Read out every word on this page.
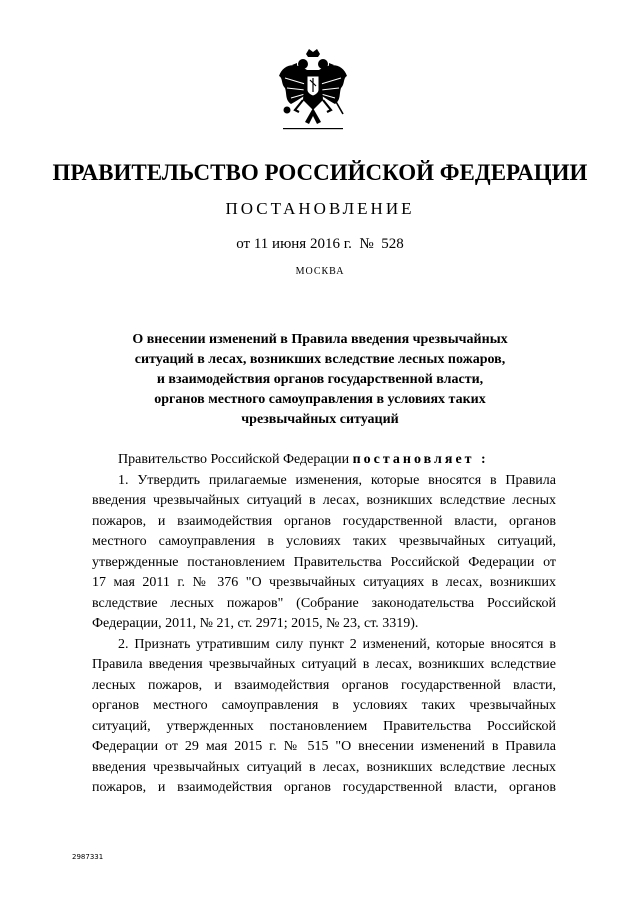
ПРАВИТЕЛЬСТВО РОССИЙСКОЙ ФЕДЕРАЦИИ
ПОСТАНОВЛЕНИЕ
от 11 июня 2016 г.  №  528
МОСКВА
О внесении изменений в Правила введения чрезвычайных
ситуаций в лесах, возникших вследствие лесных пожаров,
и взаимодействия органов государственной власти,
органов местного самоуправления в условиях таких
чрезвычайных ситуаций
Правительство Российской Федерации постановляет :
1. Утвердить прилагаемые изменения, которые вносятся в Правила
введения чрезвычайных ситуаций в лесах, возникших вследствие лесных
пожаров, и взаимодействия органов государственной власти, органов
местного самоуправления в условиях таких чрезвычайных ситуаций,
утвержденные постановлением Правительства Российской Федерации от
17 мая 2011 г. № 376 "О чрезвычайных ситуациях в лесах, возникших
вследствие лесных пожаров" (Собрание законодательства Российской
Федерации, 2011, № 21, ст. 2971; 2015, № 23, ст. 3319).
2. Признать утратившим силу пункт 2 изменений, которые вносятся в
Правила введения чрезвычайных ситуаций в лесах, возникших вследствие
лесных пожаров, и взаимодействия органов государственной власти,
органов местного самоуправления в условиях таких чрезвычайных
ситуаций, утвержденных постановлением Правительства Российской
Федерации от 29 мая 2015 г. № 515 "О внесении изменений в Правила
введения чрезвычайных ситуаций в лесах, возникших вследствие лесных
пожаров, и взаимодействия органов государственной власти, органов
2987331
